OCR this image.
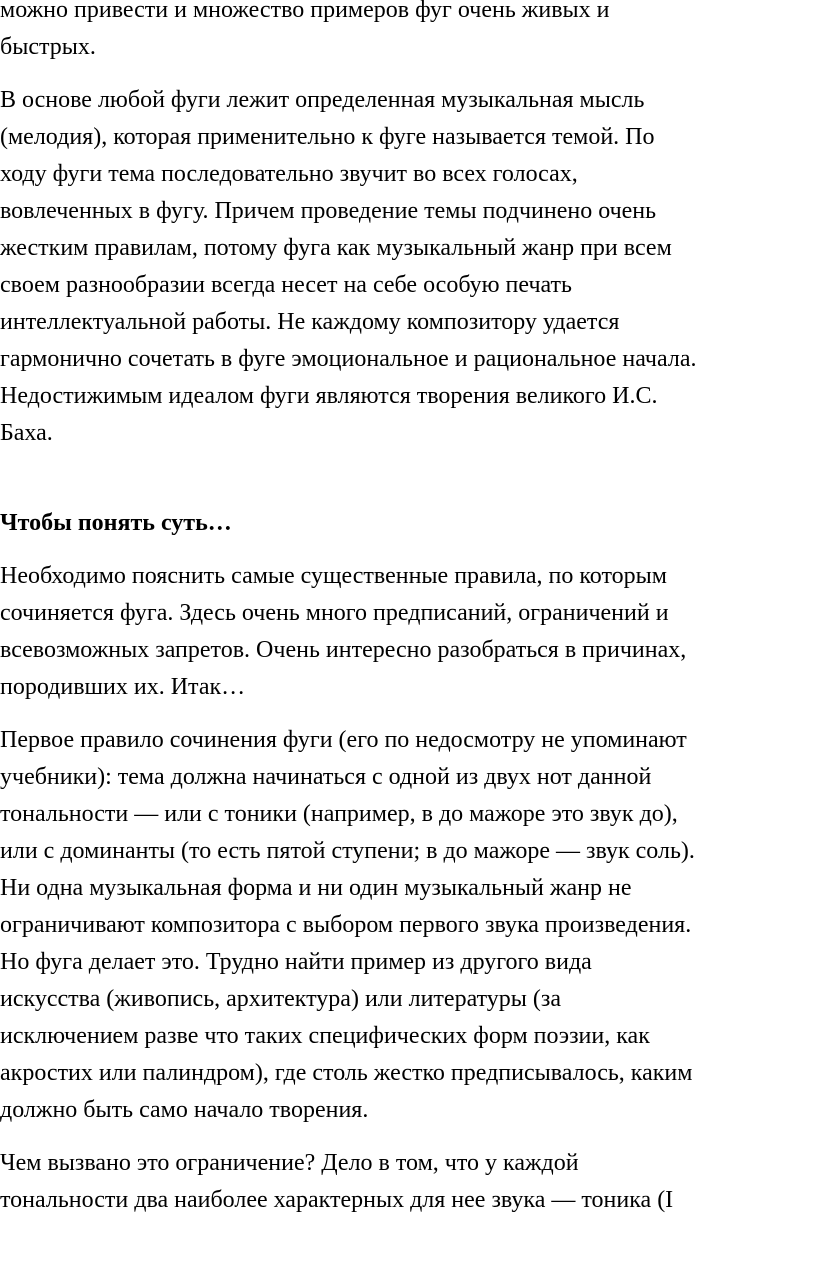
можно привести и множество примеров фуг очень живых и
быстрых.

В основе любой фуги лежит определенная музыкальная мысль
(мелодия), которая применительно к фуге называется темой. По
ходу фуги тема последовательно звучит во всех голосах,
вовлеченных в фугу. Причем проведение темы подчинено очень
жестким правилам, потому фуга как музыкальный жанр при всем
своем разнообразии всегда несет на себе особую печать
интеллектуальной работы. Не каждому композитору удается
гармонично сочетать в фуге эмоциональное и рациональное начала.
Недостижимым идеалом фуги являются творения великого И.С.
Баха.

Чтобы понять суть…

Необходимо пояснить самые существенные правила, по которым
сочиняется фуга. Здесь очень много предписаний, ограничений и
всевозможных запретов. Очень интересно разобраться в причинах,
породивших их. Итак…

Первое правило сочинения фуги (его по недосмотру не упоминают
учебники): тема должна начинаться с одной из двух нот данной
тональности — или с тоники (например, в до мажоре это звук до),
или с доминанты (то есть пятой ступени; в до мажоре — звук соль).
Ни одна музыкальная форма и ни один музыкальный жанр не
ограничивают композитора с выбором первого звука произведения.
Но фуга делает это. Трудно найти пример из другого вида
искусства (живопись, архитектура) или литературы (за
исключением разве что таких специфических форм поэзии, как
акростих или палиндром), где столь жестко предписывалось, каким
должно быть само начало творения.

Чем вызвано это ограничение? Дело в том, что у каждой
тональности два наиболее характерных для нее звука — тоника (I
